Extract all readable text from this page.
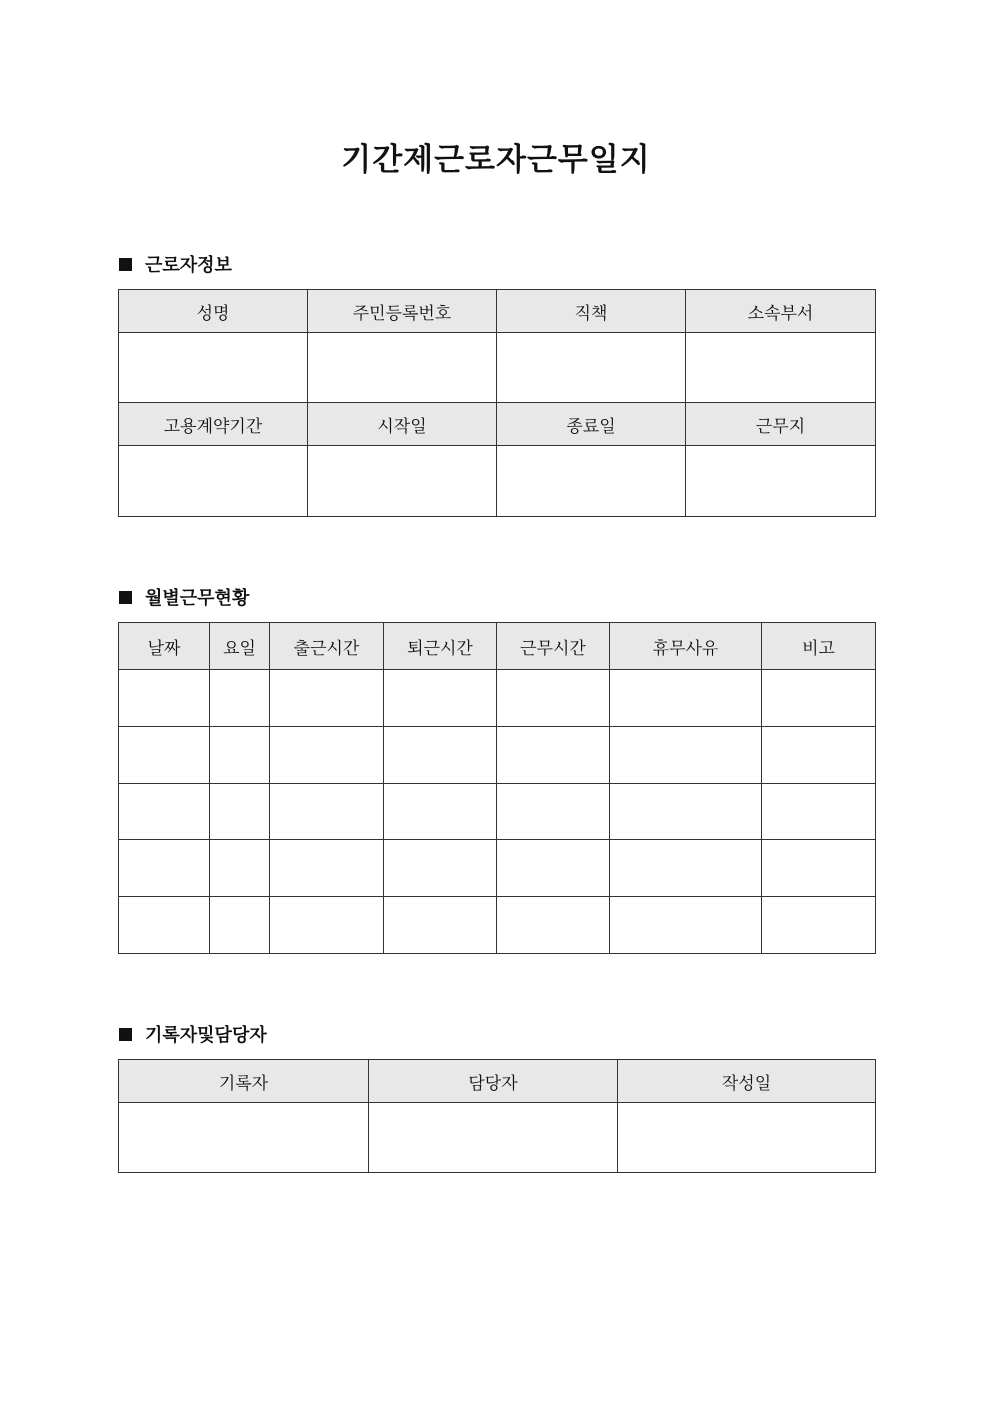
기간제근로자근무일지
근로자정보
성명	주민등록번호	직책	소속부서

고용계약기간	시작일	종료일	근무지

월별근무현황
날짜	요일	출근시간	퇴근시간	근무시간	휴무사유	비고

기록자및담당자
기록자	담당자	작성일
